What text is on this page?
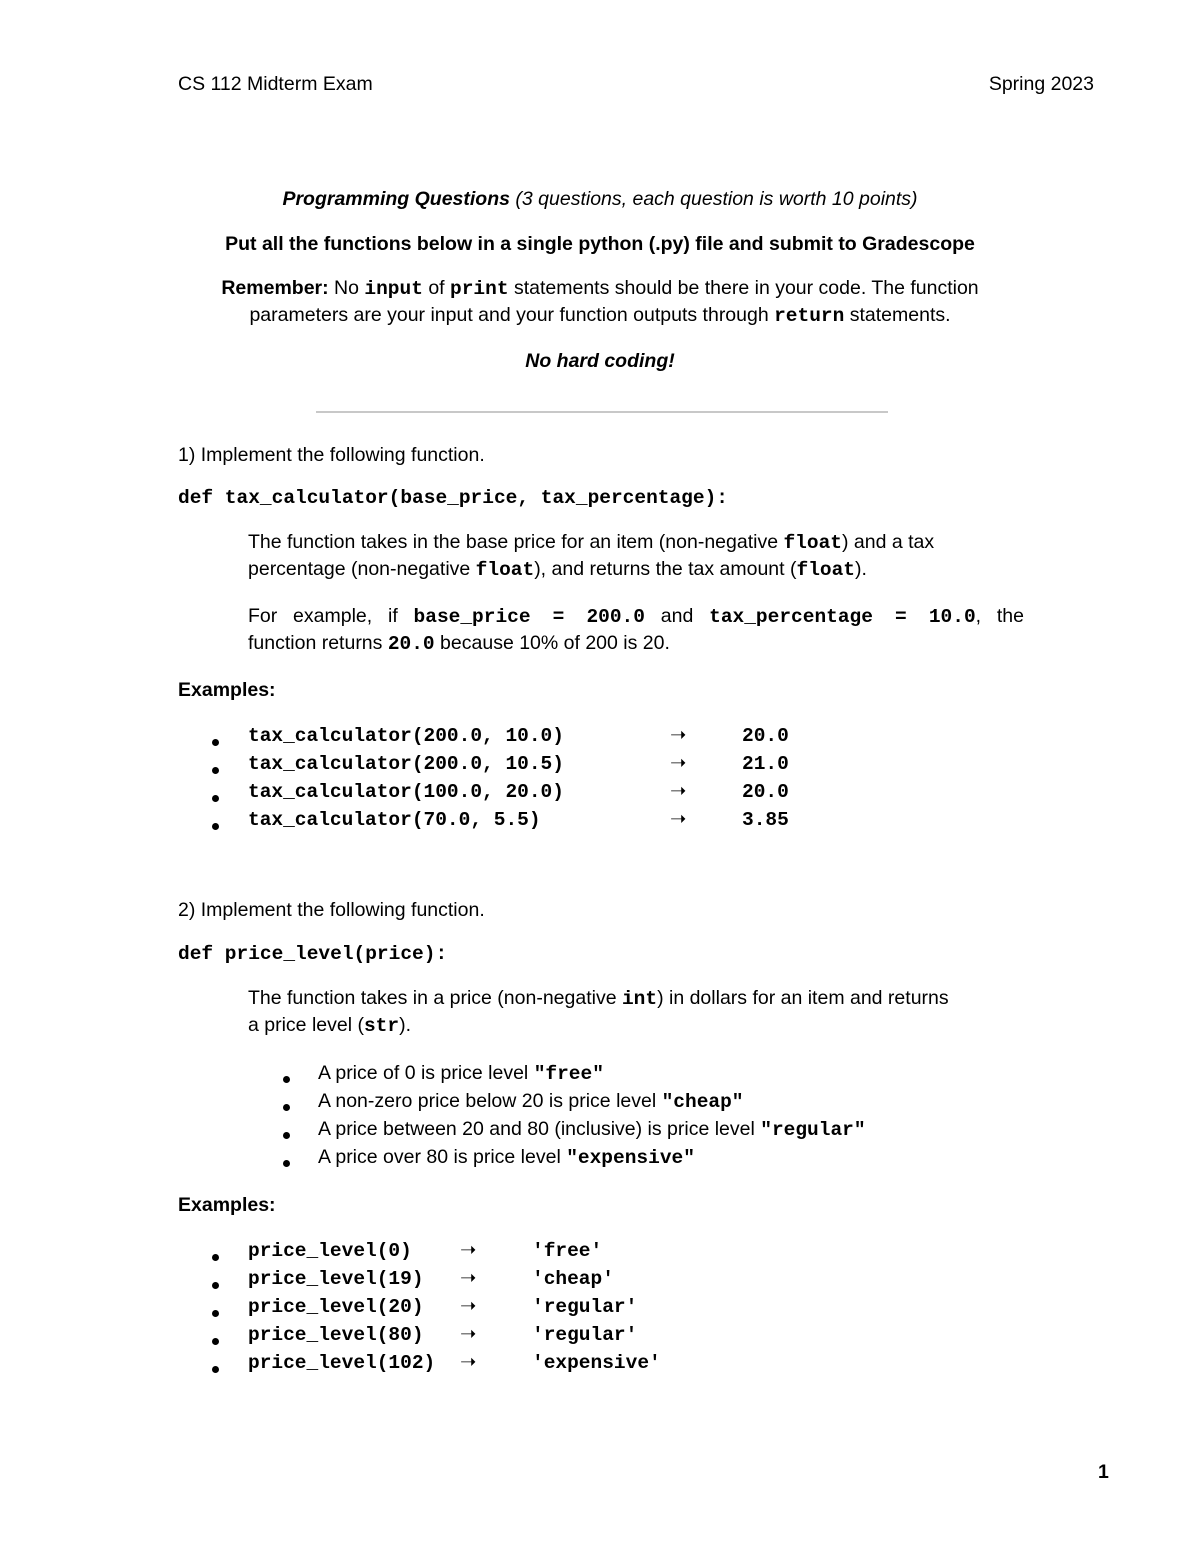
CS 112 Midterm Exam	Spring 2023
Programming Questions (3 questions, each question is worth 10 points)
Put all the functions below in a single python (.py) file and submit to Gradescope
Remember: No input of print statements should be there in your code. The function
parameters are your input and your function outputs through return statements.
No hard coding!
1) Implement the following function.
def tax_calculator(base_price, tax_percentage):
The function takes in the base price for an item (non-negative float) and a tax
percentage (non-negative float), and returns the tax amount (float).
For example, if base_price = 200.0 and tax_percentage = 10.0, the
function returns 20.0 because 10% of 200 is 20.
Examples:
tax_calculator(200.0, 10.0)	➝	20.0
tax_calculator(200.0, 10.5)	➝	21.0
tax_calculator(100.0, 20.0)	➝	20.0
tax_calculator(70.0, 5.5)	➝	3.85
2) Implement the following function.
def price_level(price):
The function takes in a price (non-negative int) in dollars for an item and returns
a price level (str).
A price of 0 is price level "free"
A non-zero price below 20 is price level "cheap"
A price between 20 and 80 (inclusive) is price level "regular"
A price over 80 is price level "expensive"
Examples:
price_level(0) ➝	'free'
price_level(19) ➝	'cheap'
price_level(20) ➝	'regular'
price_level(80) ➝	'regular'
price_level(102) ➝	'expensive'
1
